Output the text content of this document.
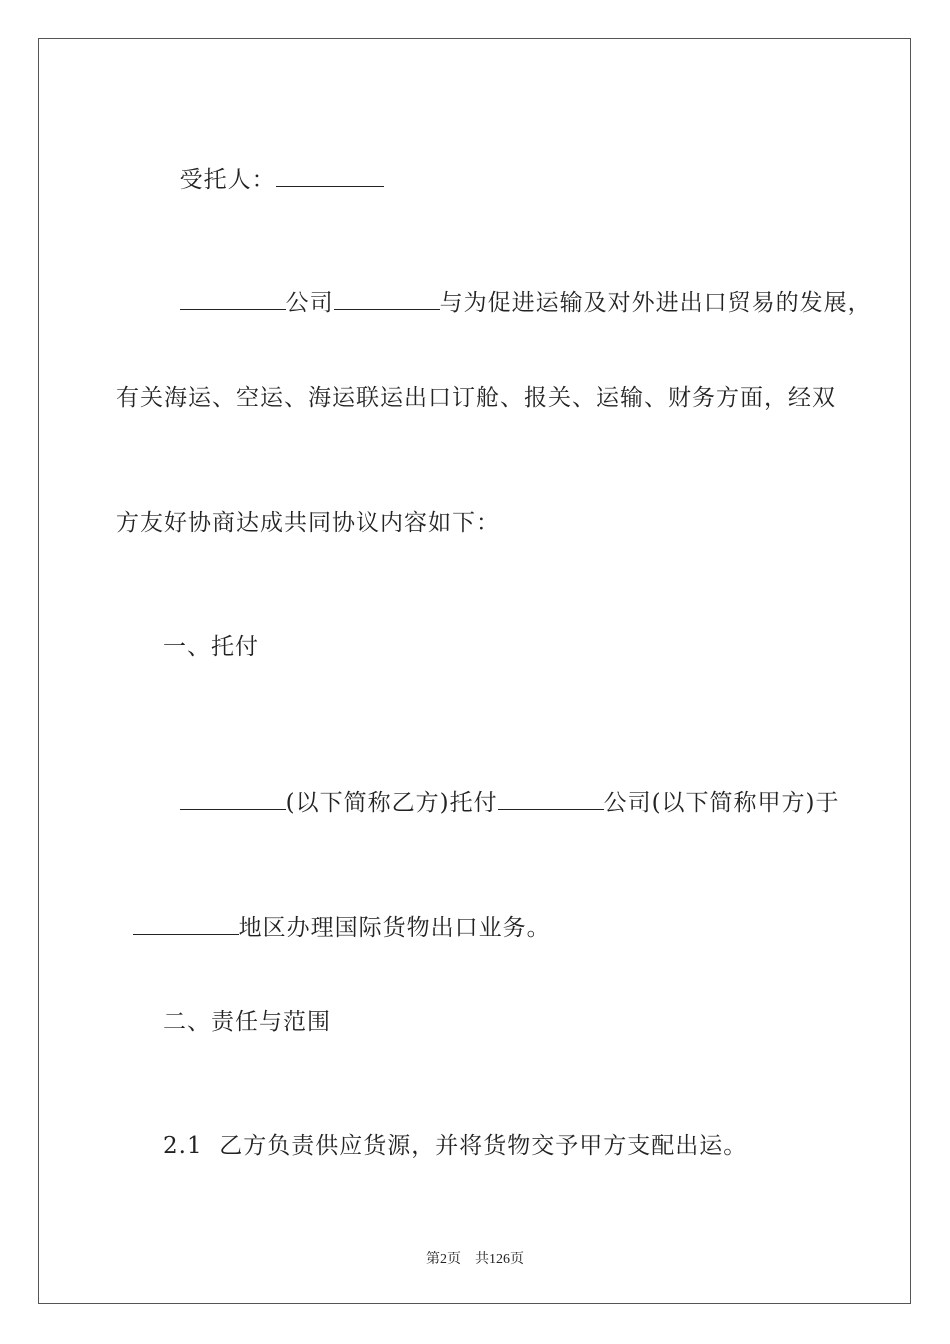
受托人：

公司	与为促进运输及对外进出口贸易的发展，

有关海运、空运、海运联运出口订舱、报关、运输、财务方面，经双
方友好协商达成共同协议内容如下：
一、托付

(以下简称乙方)托付	公司(以下简称甲方)于

地区办理国际货物出口业务。

二、责任与范围
2.1  乙方负责供应货源，并将货物交予甲方支配出运。
第2页 共126页
